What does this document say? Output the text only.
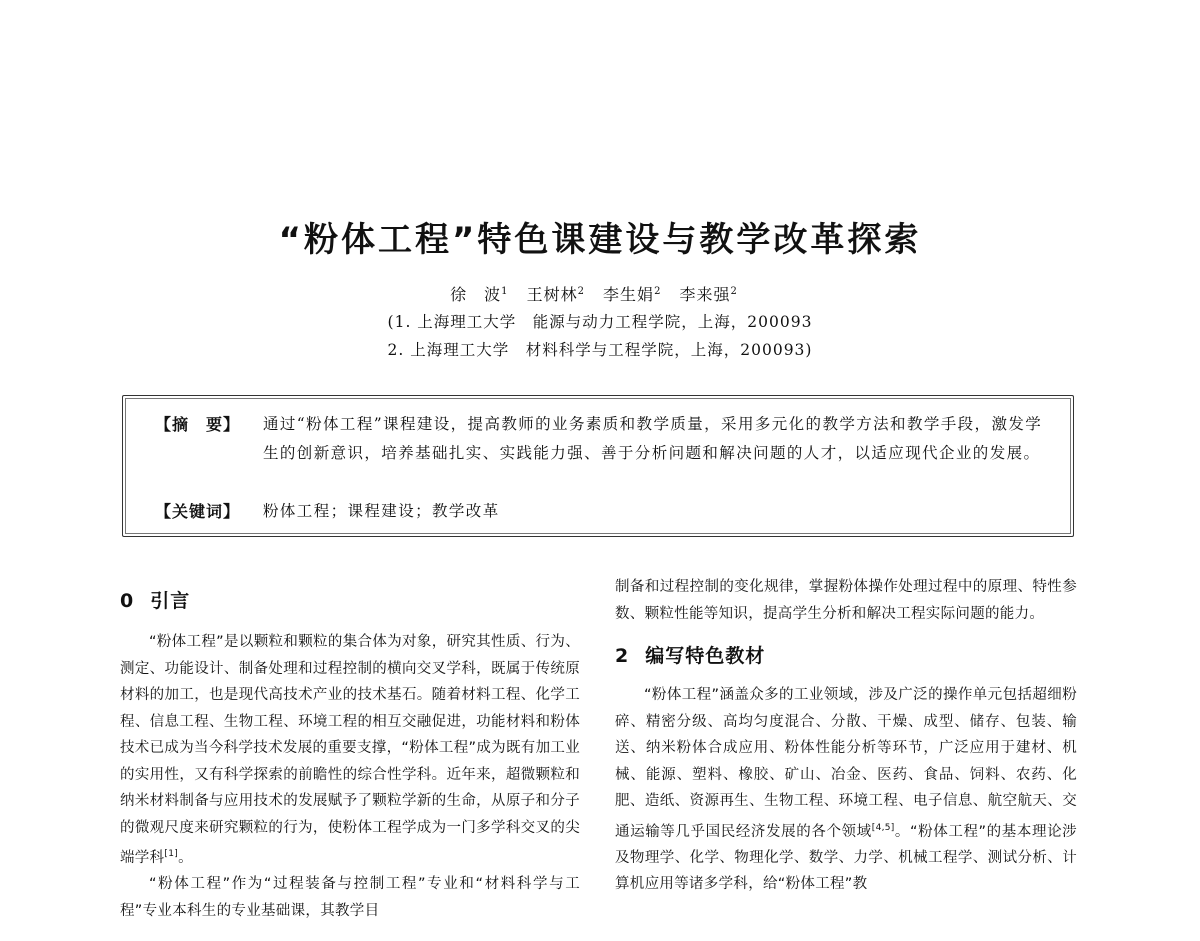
“粉体工程”特色课建设与教学改革探索
徐　波$^1$ 王树林$^2$ 李生娟$^2$ 李来强$^2$
(1. 上海理工大学　能源与动力工程学院，上海，200093
2. 上海理工大学　材料科学与工程学院，上海，200093)
【摘　要】 通过“粉体工程”课程建设，提高教师的业务素质和教学质量，采用多元化的教学方法和教学手段，激发学生的创新意识，培养基础扎实、实践能力强、善于分析问题和解决问题的人才，以适应现代企业的发展。

【关键词】 粉体工程；课程建设；教学改革
0 引言

“粉体工程”是以颗粒和颗粒的集合体为对象，研究其性质、行为、测定、功能设计、制备处理和过程控制的横向交叉学科，既属于传统原材料的加工，也是现代高技术产业的技术基石。随着材料工程、化学工程、信息工程、生物工程、环境工程的相互交融促进，功能材料和粉体技术已成为当今科学技术发展的重要支撑，“粉体工程”成为既有加工业的实用性，又有科学探索的前瞻性的综合性学科。近年来，超微颗粒和纳米材料制备与应用技术的发展赋予了颗粒学新的生命，从原子和分子的微观尺度来研究颗粒的行为，使粉体工程学成为一门多学科交叉的尖端学科[1]。

“粉体工程”作为“过程装备与控制工程”专业和“材料科学与工程”专业本科生的专业基础课，其教学目

制备和过程控制的变化规律，掌握粉体操作处理过程中的原理、特性参数、颗粒性能等知识，提高学生分析和解决工程实际问题的能力。

2 编写特色教材

“粉体工程”涵盖众多的工业领域，涉及广泛的操作单元包括超细粉碎、精密分级、高均匀度混合、分散、干燥、成型、储存、包装、输送、纳米粉体合成应用、粉体性能分析等环节，广泛应用于建材、机械、能源、塑料、橡胶、矿山、冶金、医药、食品、饲料、农药、化肥、造纸、资源再生、生物工程、环境工程、电子信息、航空航天、交通运输等几乎国民经济发展的各个领域[4,5]。“粉体工程”的基本理论涉及物理学、化学、物理化学、数学、力学、机械工程学、测试分析、计算机应用等诸多学科，给“粉体工程”教
